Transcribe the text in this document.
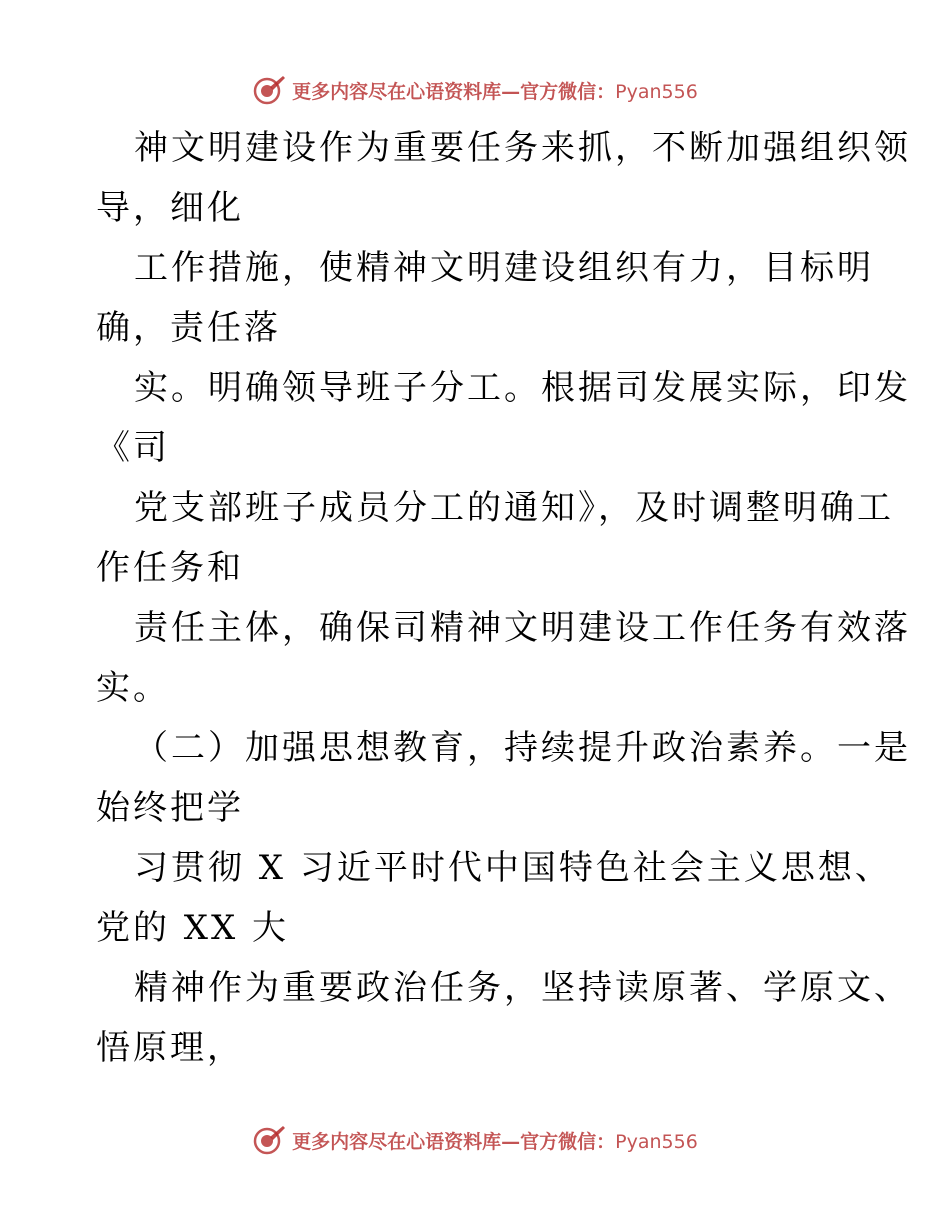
更多内容尽在心语资料库—官方微信：Pyan556
神文明建设作为重要任务来抓，不断加强组织领
导，细化
工作措施，使精神文明建设组织有力，目标明
确，责任落
实。明确领导班子分工。根据司发展实际，印发
《司
党支部班子成员分工的通知》，及时调整明确工
作任务和
责任主体，确保司精神文明建设工作任务有效落
实。
（二）加强思想教育，持续提升政治素养。一是
始终把学
习贯彻 X 习近平时代中国特色社会主义思想、
党的 XX 大
精神作为重要政治任务，坚持读原著、学原文、
悟原理，
更多内容尽在心语资料库—官方微信：Pyan556
